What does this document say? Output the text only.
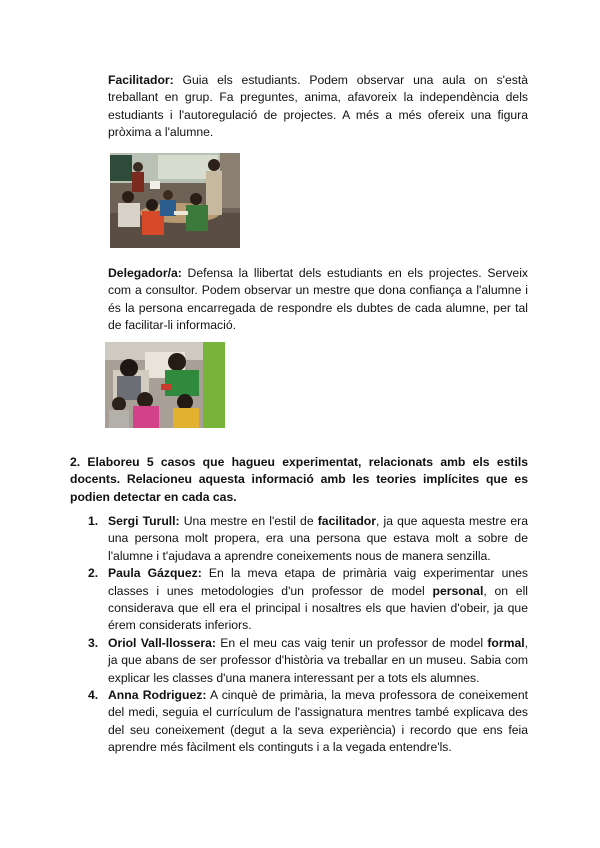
Facilitador: Guia els estudiants. Podem observar una aula on s'està treballant en grup. Fa preguntes, anima, afavoreix la independència dels estudiants i l'autoregulació de projectes. A més a més ofereix una figura pròxima a l'alumne.
Delegador/a: Defensa la llibertat dels estudiants en els projectes. Serveix com a consultor. Podem observar un mestre que dona confiança a l'alumne i és la persona encarregada de respondre els dubtes de cada alumne, per tal de facilitar-li informació.
2. Elaboreu 5 casos que hagueu experimentat, relacionats amb els estils docents. Relacioneu aquesta informació amb les teories implícites que es podien detectar en cada cas.
1. Sergi Turull: Una mestre en l'estil de facilitador, ja que aquesta mestre era una persona molt propera, era una persona que estava molt a sobre de l'alumne i t'ajudava a aprendre coneixements nous de manera senzilla.
2. Paula Gázquez: En la meva etapa de primària vaig experimentar unes classes i unes metodologies d'un professor de model personal, on ell considerava que ell era el principal i nosaltres els que havien d'obeir, ja que érem considerats inferiors.
3. Oriol Vall-llossera: En el meu cas vaig tenir un professor de model formal, ja que abans de ser professor d'història va treballar en un museu. Sabia com explicar les classes d'una manera interessant per a tots els alumnes.
4. Anna Rodriguez: A cinquè de primària, la meva professora de coneixement del medi, seguia el currículum de l'assignatura mentres també explicava des del seu coneixement (degut a la seva experiència) i recordo que ens feia aprendre més fàcilment els continguts i a la vegada entendre'ls.
